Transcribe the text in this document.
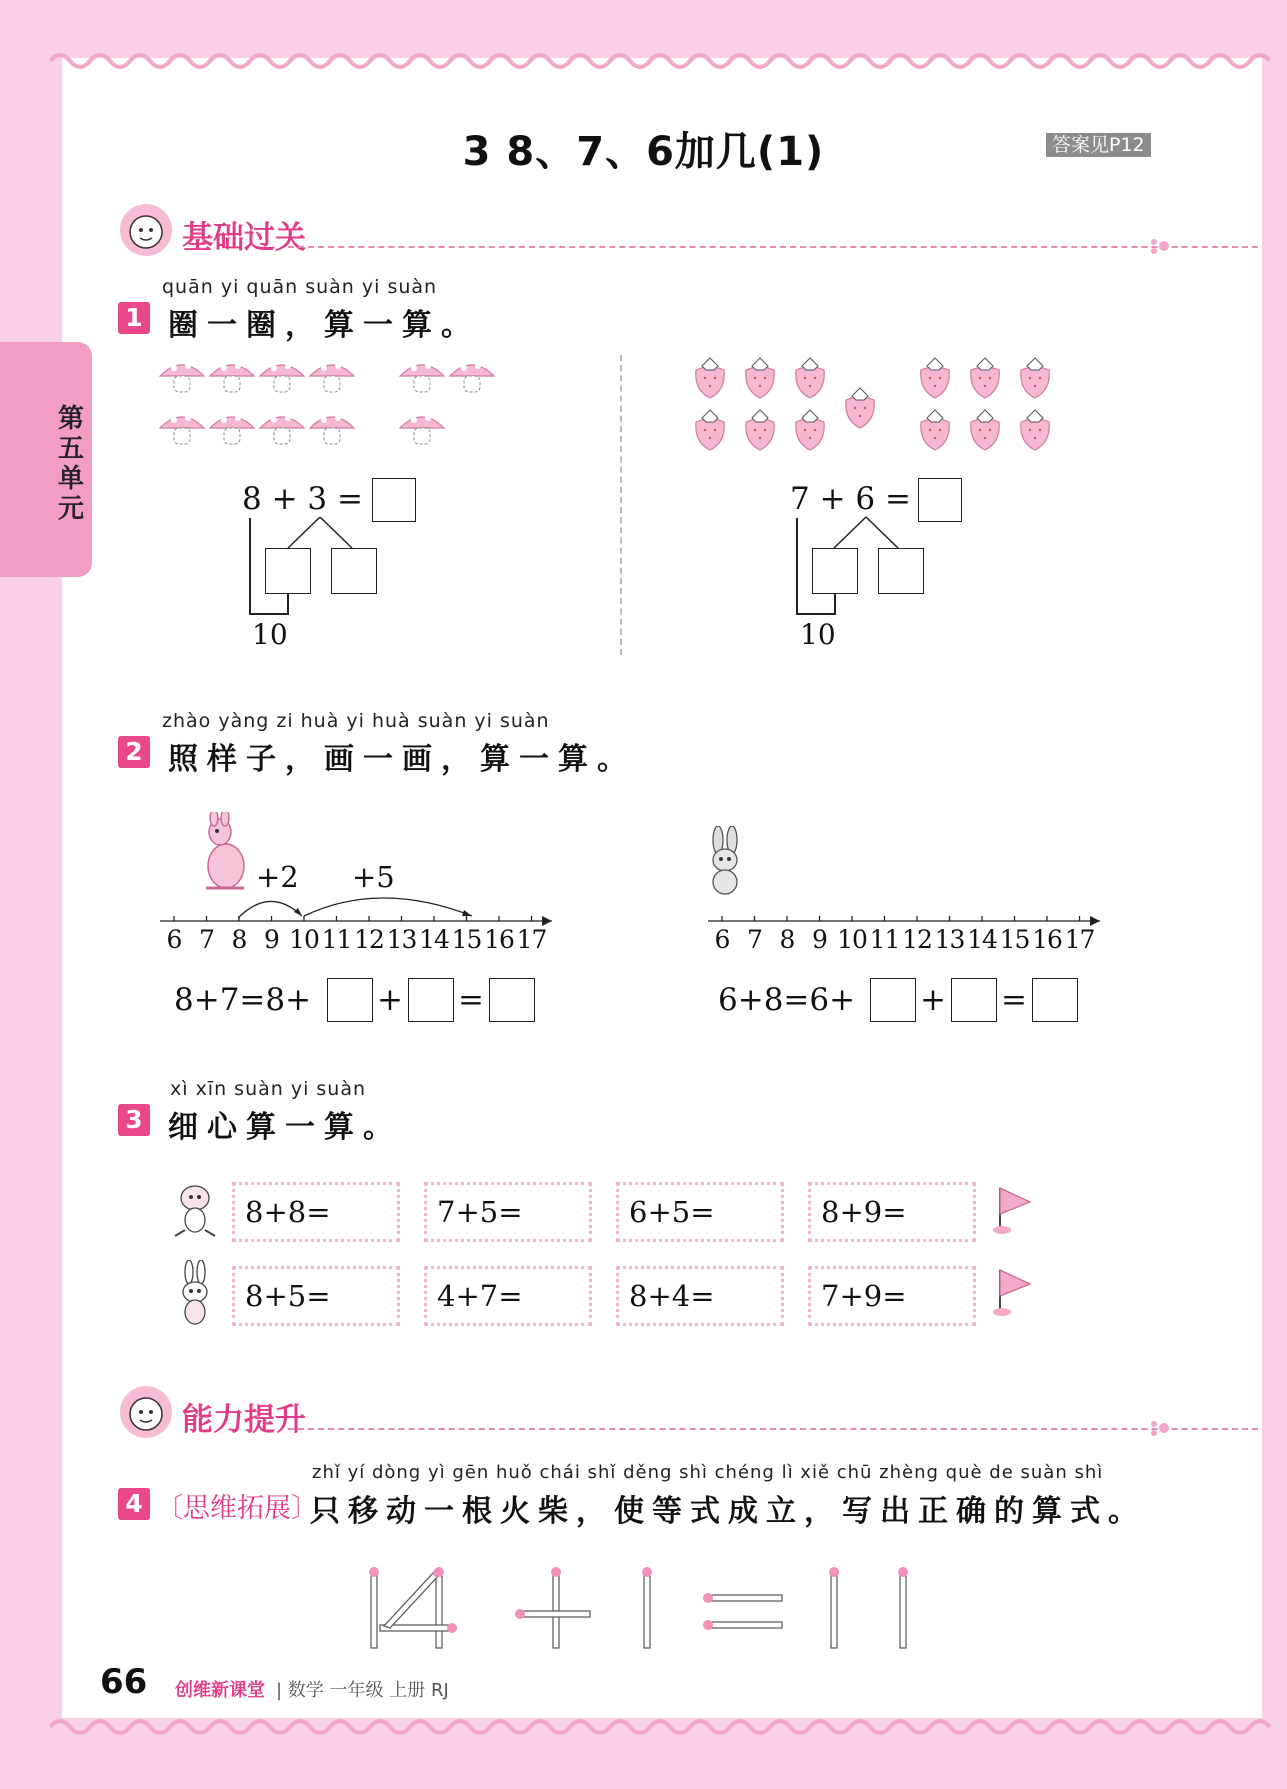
第五单元
3 8、7、6加几(1)	答案见P12
基础过关
quān yi quān suàn yi suàn
1 圈一圈，算一算。
8 + 3 =
10
7 + 6 =
10
zhào yàng zi huà yi huà suàn yi suàn
2 照样子，画一画，算一算。
+2 +5
6 7 8 9 10 11 12 13 14 15 16 17	6 7 8 9 10 11 12 13 14 15 16 17
8+7=8+ + =	6+8=6+ + =
xì xīn suàn yi suàn
3 细心算一算。
8+8=	7+5=	6+5=	8+9=
8+5=	4+7=	8+4=	7+9=
能力提升
zhǐ yí dòng yì gēn huǒ chái shǐ děng shì chéng lì xiě chū zhèng què de suàn shì
4 〔思维拓展〕
只移动一根火柴，使等式成立，写出正确的算式。
66 创维新课堂 | 数学 一年级 上册 RJ
